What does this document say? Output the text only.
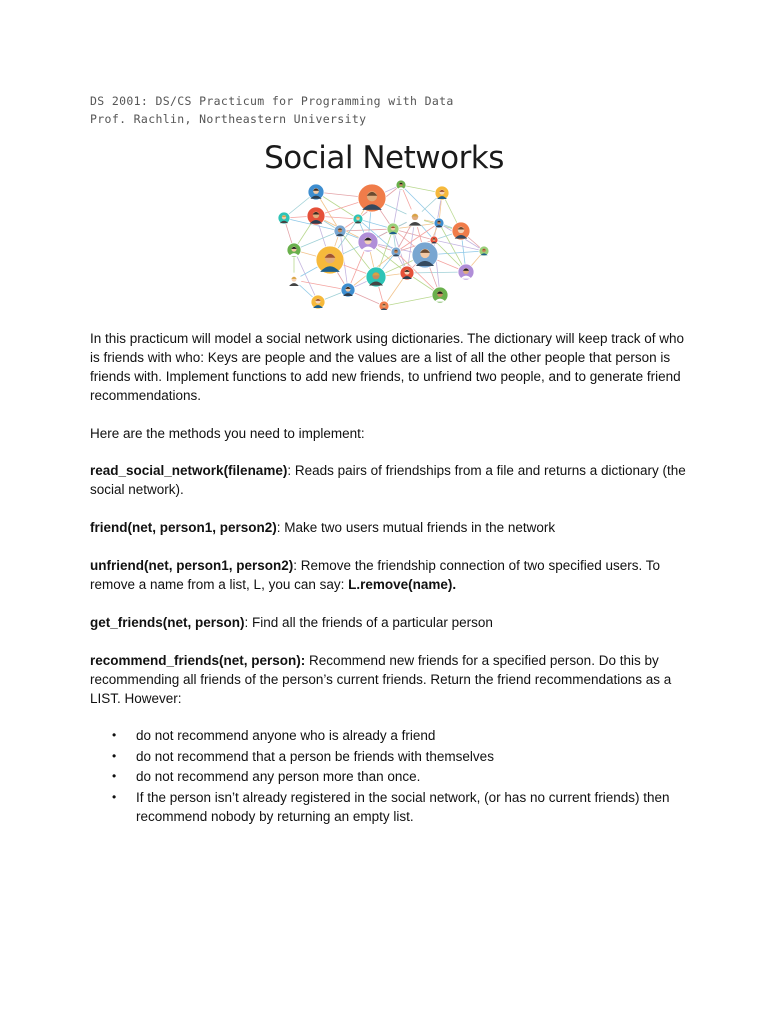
DS 2001: DS/CS Practicum for Programming with Data
Prof. Rachlin, Northeastern University
Social Networks

In this practicum will model a social network using dictionaries. The dictionary will keep track of who is friends with who: Keys are people and the values are a list of all the other people that person is friends with. Implement functions to add new friends, to unfriend two people, and to generate friend recommendations.

Here are the methods you need to implement:

read_social_network(filename): Reads pairs of friendships from a file and returns a dictionary (the social network).

friend(net, person1, person2): Make two users mutual friends in the network

unfriend(net, person1, person2): Remove the friendship connection of two specified users. To remove a name from a list, L, you can say: L.remove(name).

get_friends(net, person): Find all the friends of a particular person

recommend_friends(net, person): Recommend new friends for a specified person. Do this by recommending all friends of the person’s current friends. Return the friend recommendations as a LIST. However:

• do not recommend anyone who is already a friend
• do not recommend that a person be friends with themselves
• do not recommend any person more than once.
• If the person isn’t already registered in the social network, (or has no current friends) then recommend nobody by returning an empty list.
